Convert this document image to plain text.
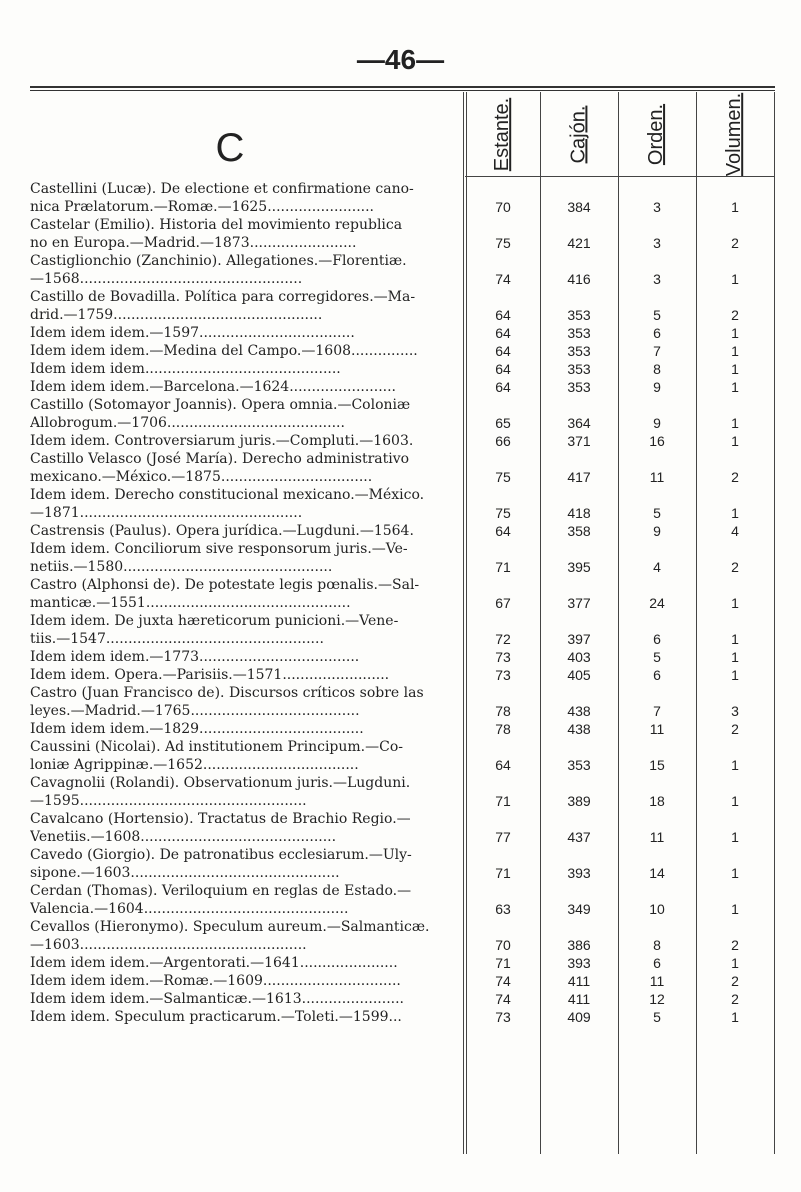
—46—
C	Estante.	Cajón.	Orden.	Volumen.
Castellini (Lucæ). De electione et confirmatione cano-
nica Prælatorum.—Romæ.—1625........................	70	384	3	1
Castelar (Emilio). Historia del movimiento republica
no en Europa.—Madrid.—1873........................	75	421	3	2
Castiglionchio (Zanchinio). Allegationes.—Florentiæ.
—1568..................................................	74	416	3	1
Castillo de Bovadilla. Política para corregidores.—Ma-
drid.—1759...............................................	64	353	5	2
Idem idem idem.—1597...................................	64	353	6	1
Idem idem idem.—Medina del Campo.—1608...............	64	353	7	1
Idem idem idem............................................	64	353	8	1
Idem idem idem.—Barcelona.—1624........................	64	353	9	1
Castillo (Sotomayor Joannis). Opera omnia.—Coloniæ
Allobrogum.—1706........................................	65	364	9	1
Idem idem. Controversiarum juris.—Compluti.—1603.	66	371	16	1
Castillo Velasco (José María). Derecho administrativo
mexicano.—México.—1875..................................	75	417	11	2
Idem idem. Derecho constitucional mexicano.—México.
—1871..................................................	75	418	5	1
Castrensis (Paulus). Opera jurídica.—Lugduni.—1564.	64	358	9	4
Idem idem. Conciliorum sive responsorum juris.—Ve-
netiis.—1580...............................................	71	395	4	2
Castro (Alphonsi de). De potestate legis pœnalis.—Sal-
manticæ.—1551..............................................	67	377	24	1
Idem idem. De juxta hæreticorum punicioni.—Vene-
tiis.—1547.................................................	72	397	6	1
Idem idem idem.—1773....................................	73	403	5	1
Idem idem. Opera.—Parisiis.—1571........................	73	405	6	1
Castro (Juan Francisco de). Discursos críticos sobre las
leyes.—Madrid.—1765......................................	78	438	7	3
Idem idem idem.—1829.....................................	78	438	11	2
Caussini (Nicolai). Ad institutionem Principum.—Co-
loniæ Agrippinæ.—1652...................................	64	353	15	1
Cavagnolii (Rolandi). Observationum juris.—Lugduni.
—1595...................................................	71	389	18	1
Cavalcano (Hortensio). Tractatus de Brachio Regio.—
Venetiis.—1608............................................	77	437	11	1
Cavedo (Giorgio). De patronatibus ecclesiarum.—Uly-
sipone.—1603...............................................	71	393	14	1
Cerdan (Thomas). Veriloquium en reglas de Estado.—
Valencia.—1604..............................................	63	349	10	1
Cevallos (Hieronymo). Speculum aureum.—Salmanticæ.
—1603...................................................	70	386	8	2
Idem idem idem.—Argentorati.—1641......................	71	393	6	1
Idem idem idem.—Romæ.—1609...............................	74	411	11	2
Idem idem idem.—Salmanticæ.—1613.......................	74	411	12	2
Idem idem. Speculum practicarum.—Toleti.—1599...	73	409	5	1
